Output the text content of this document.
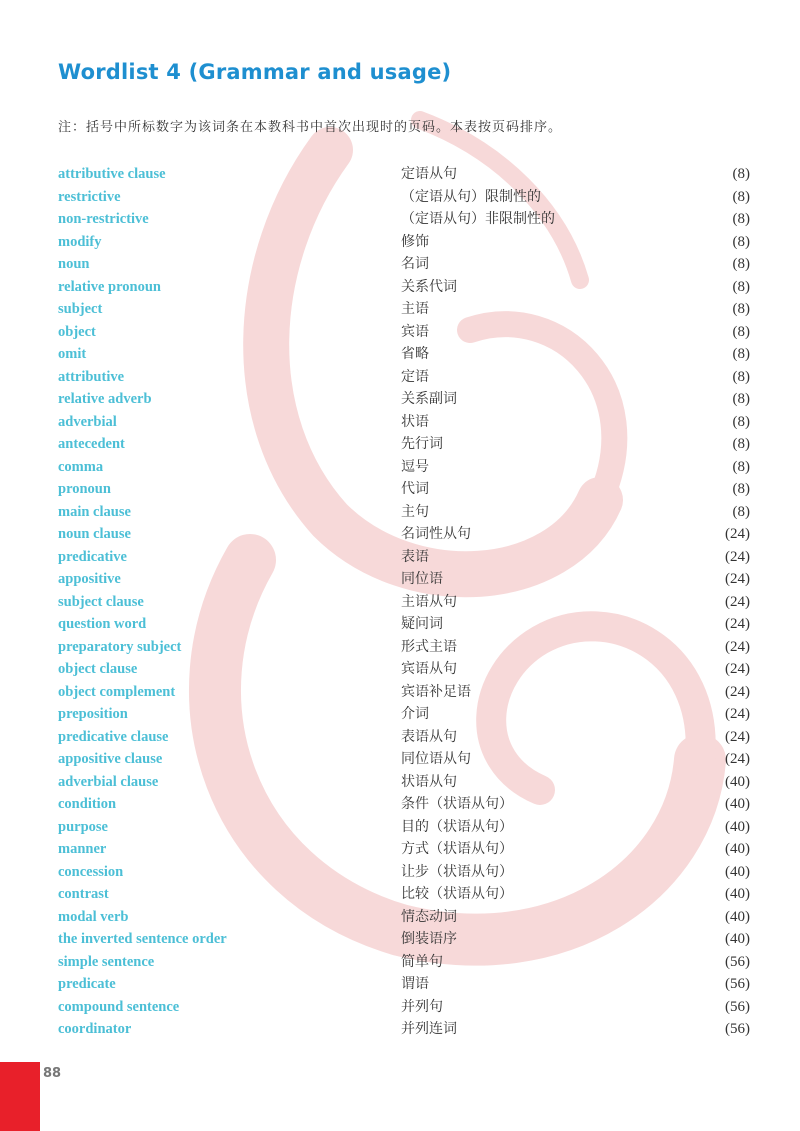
Wordlist 4 (Grammar and usage)
注：括号中所标数字为该词条在本教科书中首次出现时的页码。本表按页码排序。
attributive clause	定语从句	(8)
restrictive	（定语从句）限制性的	(8)
non-restrictive	（定语从句）非限制性的	(8)
modify	修饰	(8)
noun	名词	(8)
relative pronoun	关系代词	(8)
subject	主语	(8)
object	宾语	(8)
omit	省略	(8)
attributive	定语	(8)
relative adverb	关系副词	(8)
adverbial	状语	(8)
antecedent	先行词	(8)
comma	逗号	(8)
pronoun	代词	(8)
main clause	主句	(8)
noun clause	名词性从句	(24)
predicative	表语	(24)
appositive	同位语	(24)
subject clause	主语从句	(24)
question word	疑问词	(24)
preparatory subject	形式主语	(24)
object clause	宾语从句	(24)
object complement	宾语补足语	(24)
preposition	介词	(24)
predicative clause	表语从句	(24)
appositive clause	同位语从句	(24)
adverbial clause	状语从句	(40)
condition	条件（状语从句）	(40)
purpose	目的（状语从句）	(40)
manner	方式（状语从句）	(40)
concession	让步（状语从句）	(40)
contrast	比较（状语从句）	(40)
modal verb	情态动词	(40)
the inverted sentence order	倒装语序	(40)
simple sentence	简单句	(56)
predicate	谓语	(56)
compound sentence	并列句	(56)
coordinator	并列连词	(56)
88
